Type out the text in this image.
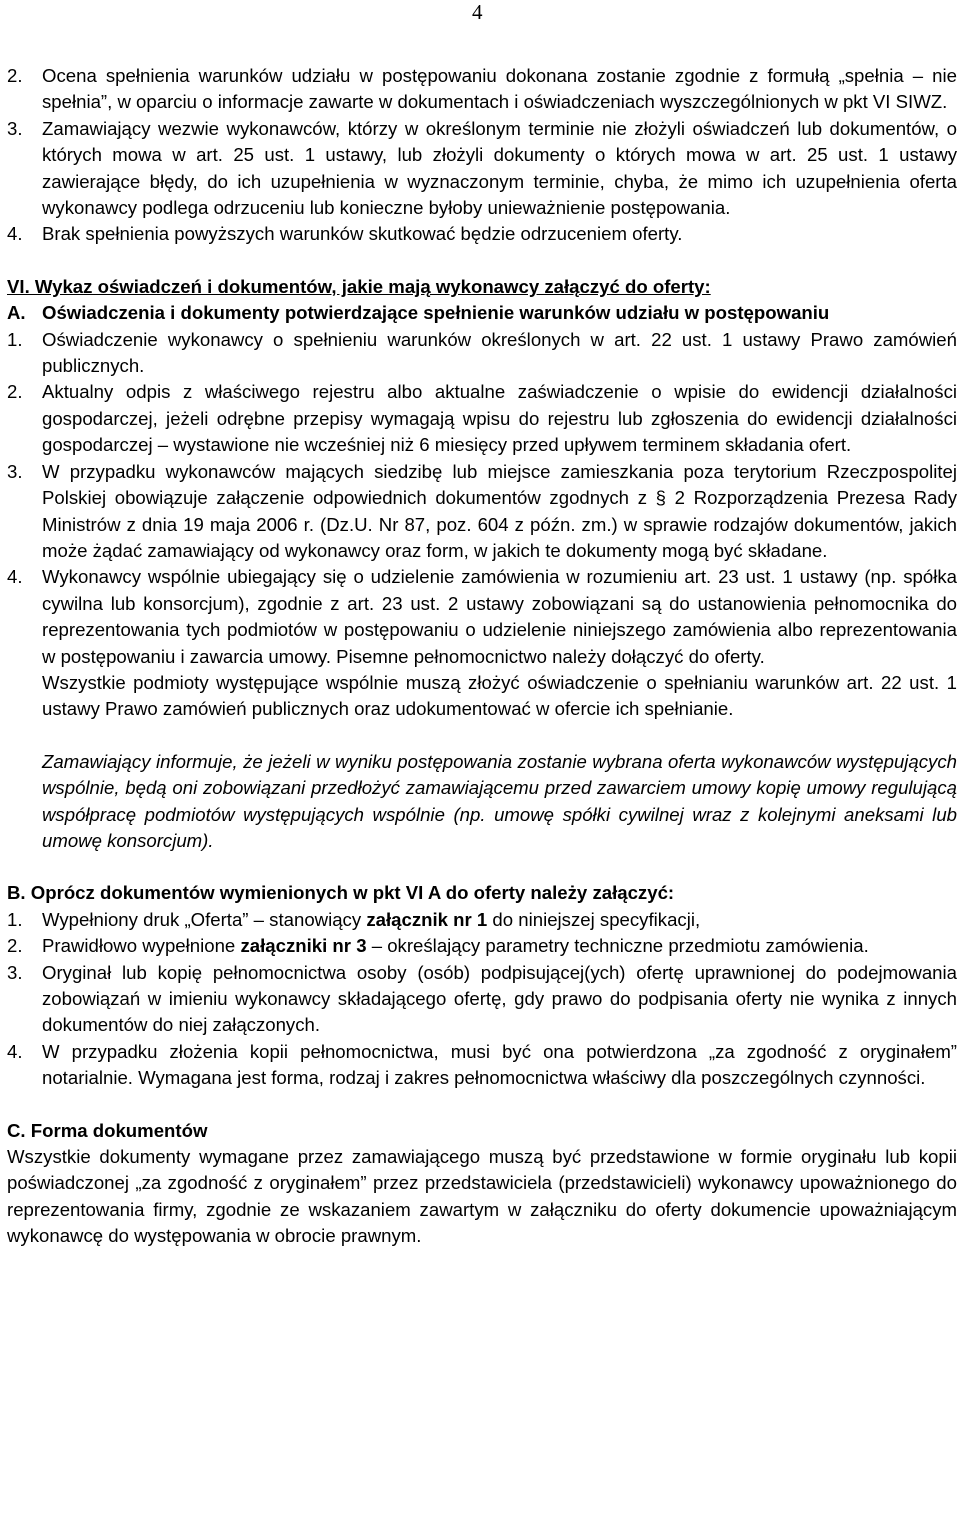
4
2. Ocena spełnienia warunków udziału w postępowaniu dokonana zostanie zgodnie z formułą „spełnia – nie spełnia”, w oparciu o informacje zawarte w dokumentach i oświadczeniach wyszczególnionych w pkt VI SIWZ.
3. Zamawiający wezwie wykonawców, którzy w określonym terminie nie złożyli oświadczeń lub dokumentów, o których mowa w art. 25 ust. 1 ustawy, lub złożyli dokumenty o których mowa w art. 25 ust. 1 ustawy zawierające błędy, do ich uzupełnienia w wyznaczonym terminie, chyba, że mimo ich uzupełnienia oferta wykonawcy podlega odrzuceniu lub konieczne byłoby unieważnienie postępowania.
4. Brak spełnienia powyższych warunków skutkować będzie odrzuceniem oferty.
VI. Wykaz oświadczeń i dokumentów, jakie mają wykonawcy załączyć do oferty:
A. Oświadczenia i dokumenty potwierdzające spełnienie warunków udziału w postępowaniu
1. Oświadczenie wykonawcy o spełnieniu warunków określonych w art. 22 ust. 1 ustawy Prawo zamówień publicznych.
2. Aktualny odpis z właściwego rejestru albo aktualne zaświadczenie o wpisie do ewidencji działalności gospodarczej, jeżeli odrębne przepisy wymagają wpisu do rejestru lub zgłoszenia do ewidencji działalności gospodarczej – wystawione nie wcześniej niż 6 miesięcy przed upływem terminem składania ofert.
3. W przypadku wykonawców mających siedzibę lub miejsce zamieszkania poza terytorium Rzeczpospolitej Polskiej obowiązuje załączenie odpowiednich dokumentów zgodnych z § 2 Rozporządzenia Prezesa Rady Ministrów z dnia 19 maja 2006 r. (Dz.U. Nr 87, poz. 604 z późn. zm.) w sprawie rodzajów dokumentów, jakich może żądać zamawiający od wykonawcy oraz form, w jakich te dokumenty mogą być składane.
4. Wykonawcy wspólnie ubiegający się o udzielenie zamówienia w rozumieniu art. 23 ust. 1 ustawy (np. spółka cywilna lub konsorcjum), zgodnie z art. 23 ust. 2 ustawy zobowiązani są do ustanowienia pełnomocnika do reprezentowania tych podmiotów w postępowaniu o udzielenie niniejszego zamówienia albo reprezentowania w postępowaniu i zawarcia umowy. Pisemne pełnomocnictwo należy dołączyć do oferty.
Wszystkie podmioty występujące wspólnie muszą złożyć oświadczenie o spełnianiu warunków art. 22 ust. 1 ustawy Prawo zamówień publicznych oraz udokumentować w ofercie ich spełnianie.
Zamawiający informuje, że jeżeli w wyniku postępowania zostanie wybrana oferta wykonawców występujących wspólnie, będą oni zobowiązani przedłożyć zamawiającemu przed zawarciem umowy kopię umowy regulującą współpracę podmiotów występujących wspólnie (np. umowę spółki cywilnej wraz z kolejnymi aneksami lub umowę konsorcjum).
B. Oprócz dokumentów wymienionych w pkt VI A do oferty należy załączyć:
1. Wypełniony druk „Oferta” – stanowiący załącznik nr 1 do niniejszej specyfikacji,
2. Prawidłowo wypełnione załączniki nr 3 – określający parametry techniczne przedmiotu zamówienia.
3. Oryginał lub kopię pełnomocnictwa osoby (osób) podpisującej(ych) ofertę uprawnionej do podejmowania zobowiązań w imieniu wykonawcy składającego ofertę, gdy prawo do podpisania oferty nie wynika z innych dokumentów do niej załączonych.
4. W przypadku złożenia kopii pełnomocnictwa, musi być ona potwierdzona „za zgodność z oryginałem” notarialnie. Wymagana jest forma, rodzaj i zakres pełnomocnictwa właściwy dla poszczególnych czynności.
C. Forma dokumentów
Wszystkie dokumenty wymagane przez zamawiającego muszą być przedstawione w formie oryginału lub kopii poświadczonej „za zgodność z oryginałem” przez przedstawiciela (przedstawicieli) wykonawcy upoważnionego do reprezentowania firmy, zgodnie ze wskazaniem zawartym w załączniku do oferty dokumencie upoważniającym wykonawcę do występowania w obrocie prawnym.
